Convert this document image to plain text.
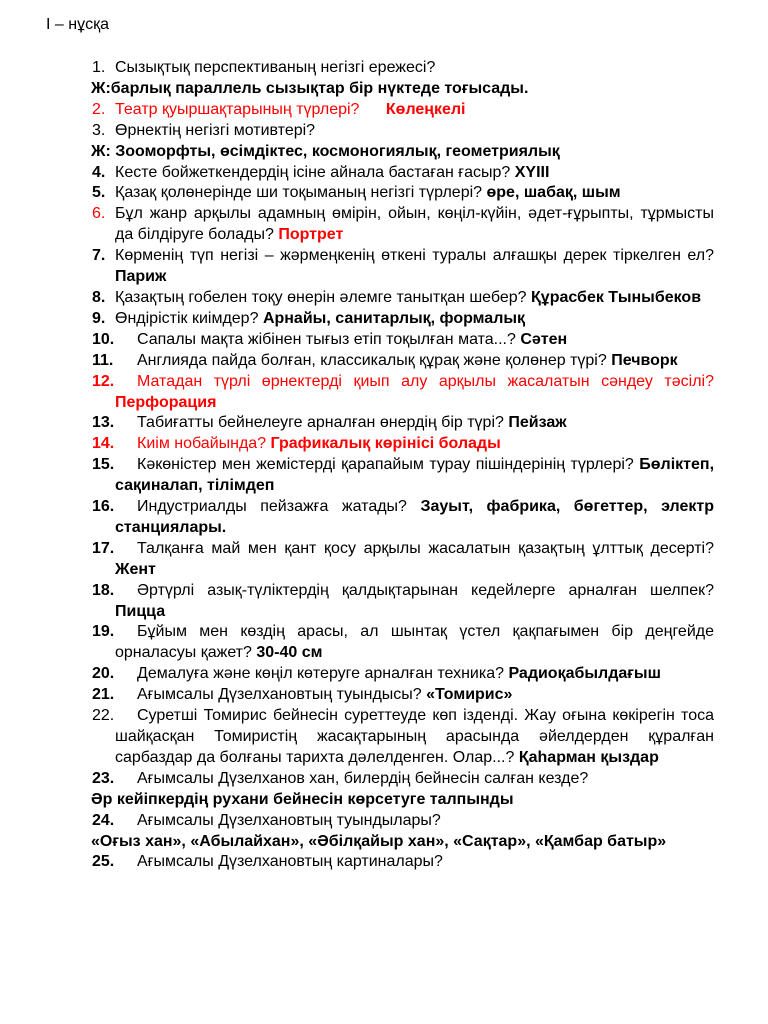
І – нұсқа
1. Сызықтық перспективаның негізгі ережесі?
Ж:барлық параллель сызықтар бір нүктеде тоғысады.
2. Театр қуыршақтарының түрлері? Көлеңкелі
3. Өрнектің негізгі мотивтері?
Ж: Зооморфты, өсімдіктес, космоногиялық, геометриялық
4. Кесте бойжеткендердің ісіне айнала бастаған ғасыр? XYIII
5. Қазақ қолөнерінде ши тоқыманың негізгі түрлері? өре, шабақ, шым
6. Бұл жанр арқылы адамның өмірін, ойын, көңіл-күйін, әдет-ғұрыпты, тұрмысты да білдіруге болады? Портрет
7. Көрменің түп негізі – жәрмеңкенің өткені туралы алғашқы дерек тіркелген ел? Париж
8. Қазақтың гобелен тоқу өнерін әлемге танытқан шебер? Құрасбек Тыныбеков
9. Өндірістік киімдер? Арнайы, санитарлық, формалық
10. Сапалы мақта жібінен тығыз етіп тоқылған мата...? Сәтен
11. Англияда пайда болған, классикалық құрақ және қолөнер түрі? Печворк
12. Матадан түрлі өрнектерді қиып алу арқылы жасалатын сәндеу тәсілі? Перфорация
13. Табиғатты бейнелеуге арналған өнердің бір түрі? Пейзаж
14. Киім нобайында? Графикалық көрінісі болады
15. Кәкөністер мен жемістерді қарапайым турау пішіндерінің түрлері? Бөліктеп, сақиналап, тілімдеп
16. Индустриалды пейзажға жатады? Зауыт, фабрика, бөгеттер, электр станциялары.
17. Талқанға май мен қант қосу арқылы жасалатын қазақтың ұлттық десерті? Жент
18. Әртүрлі азық-түліктердің қалдықтарынан кедейлерге арналған шелпек? Пицца
19. Бұйым мен көздің арасы, ал шынтақ үстел қақпағымен бір деңгейде орналасуы қажет? 30-40 см
20. Демалуға және көңіл көтеруге арналған техника? Радиоқабылдағыш
21. Ағымсалы Дүзелхановтың туындысы? «Томирис»
22. Суретші Томирис бейнесін суреттеуде көп ізденді. Жау оғына көкірегін тоса шайқасқан Томиристің жасақтарының арасында әйелдерден құралған сарбаздар да болғаны тарихта дәлелденген. Олар...? Қаһарман қыздар
23. Ағымсалы Дүзелханов хан, билердің бейнесін салған кезде?
Әр кейіпкердің рухани бейнесін көрсетуге талпынды
24. Ағымсалы Дүзелхановтың туындылары?
«Оғыз хан», «Абылайхан», «Әбілқайыр хан», «Сақтар», «Қамбар батыр»
25. Ағымсалы Дүзелхановтың картиналары?
